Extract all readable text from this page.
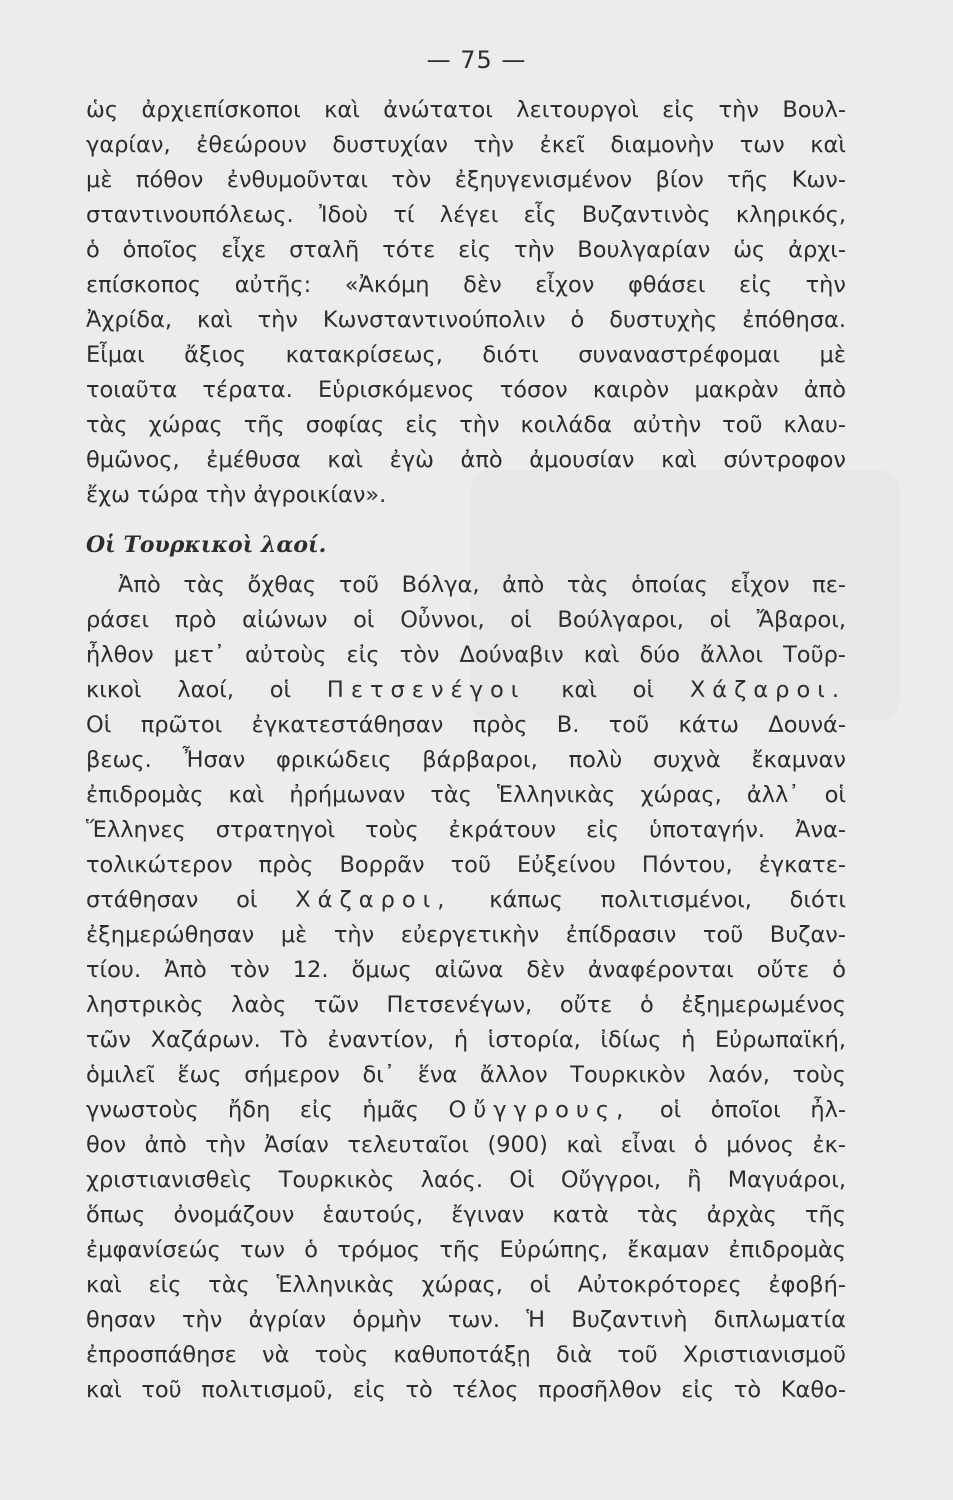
— 75 —
ὡς ἀρχιεπίσκοποι καὶ ἀνώτατοι λειτουργοὶ εἰς τὴν Βουλ-
γαρίαν, ἐθεώρουν δυστυχίαν τὴν ἐκεῖ διαμονὴν των καὶ
μὲ πόθον ἐνθυμοῦνται τὸν ἐξηυγενισμένον βίον τῆς Κων-
σταντινουπόλεως. Ἰδοὺ τί λέγει εἷς Βυζαντινὸς κληρικός,
ὁ ὁποῖος εἶχε σταλῆ τότε εἰς τὴν Βουλγαρίαν ὡς ἀρχι-
επίσκοπος αὐτῆς: «Ἀκόμη δὲν εἶχον φθάσει εἰς τὴν
Ἀχρίδα, καὶ τὴν Κωνσταντινούπολιν ὁ δυστυχὴς ἐπόθησα.
Εἶμαι ἄξιος κατακρίσεως, διότι συναναστρέφομαι μὲ
τοιαῦτα τέρατα. Εὑρισκόμενος τόσον καιρὸν μακρὰν ἀπὸ
τὰς χώρας τῆς σοφίας εἰς τὴν κοιλάδα αὐτὴν τοῦ κλαυ-
θμῶνος, ἐμέθυσα καὶ ἐγὼ ἀπὸ ἀμουσίαν καὶ σύντροφον
ἔχω τώρα τὴν ἀγροικίαν».
Οἱ Τουρκικοὶ λαοί.
Ἀπὸ τὰς ὄχθας τοῦ Βόλγα, ἀπὸ τὰς ὁποίας εἶχον πε-
ράσει πρὸ αἰώνων οἱ Οὖννοι, οἱ Βούλγαροι, οἱ Ἄβαροι,
ἦλθον μετ᾿ αὐτοὺς εἰς τὸν Δούναβιν καὶ δύο ἄλλοι Τοῦρ-
κικοὶ λαοί, οἱ Πετσενέγοι καὶ οἱ Χάζαροι.
Οἱ πρῶτοι ἐγκατεστάθησαν πρὸς Β. τοῦ κάτω Δουνά-
βεως. Ἦσαν φρικώδεις βάρβαροι, πολὺ συχνὰ ἔκαμναν
ἐπιδρομὰς καὶ ἠρήμωναν τὰς Ἑλληνικὰς χώρας, ἀλλ᾿ οἱ
Ἕλληνες στρατηγοὶ τοὺς ἐκράτουν εἰς ὑποταγήν. Ἀνα-
τολικώτερον πρὸς Βορρᾶν τοῦ Εὐξείνου Πόντου, ἐγκατε-
στάθησαν οἱ Χάζαροι, κάπως πολιτισμένοι, διότι
ἐξημερώθησαν μὲ τὴν εὐεργετικὴν ἐπίδρασιν τοῦ Βυζαν-
τίου. Ἀπὸ τὸν 12. ὅμως αἰῶνα δὲν ἀναφέρονται οὔτε ὁ
ληστρικὸς λαὸς τῶν Πετσενέγων, οὔτε ὁ ἐξημερωμένος
τῶν Χαζάρων. Τὸ ἐναντίον, ἡ ἱστορία, ἰδίως ἡ Εὐρωπαϊκή,
ὁμιλεῖ ἕως σήμερον δι᾿ ἕνα ἄλλον Τουρκικὸν λαόν, τοὺς
γνωστοὺς ἤδη εἰς ἡμᾶς Οὔγγρους, οἱ ὁποῖοι ἦλ-
θον ἀπὸ τὴν Ἀσίαν τελευταῖοι (900) καὶ εἶναι ὁ μόνος ἐκ-
χριστιανισθεὶς Τουρκικὸς λαός. Οἱ Οὔγγροι, ἢ Μαγυάροι,
ὅπως ὀνομάζουν ἑαυτούς, ἔγιναν κατὰ τὰς ἀρχὰς τῆς
ἐμφανίσεώς των ὁ τρόμος τῆς Εὐρώπης, ἔκαμαν ἐπιδρομὰς
καὶ εἰς τὰς Ἑλληνικὰς χώρας, οἱ Αὐτοκρότορες ἐφοβή-
θησαν τὴν ἀγρίαν ὁρμὴν των. Ἡ Βυζαντινὴ διπλωματία
ἐπροσπάθησε νὰ τοὺς καθυποτάξῃ διὰ τοῦ Χριστιανισμοῦ
καὶ τοῦ πολιτισμοῦ, εἰς τὸ τέλος προσῆλθον εἰς τὸ Καθο-
